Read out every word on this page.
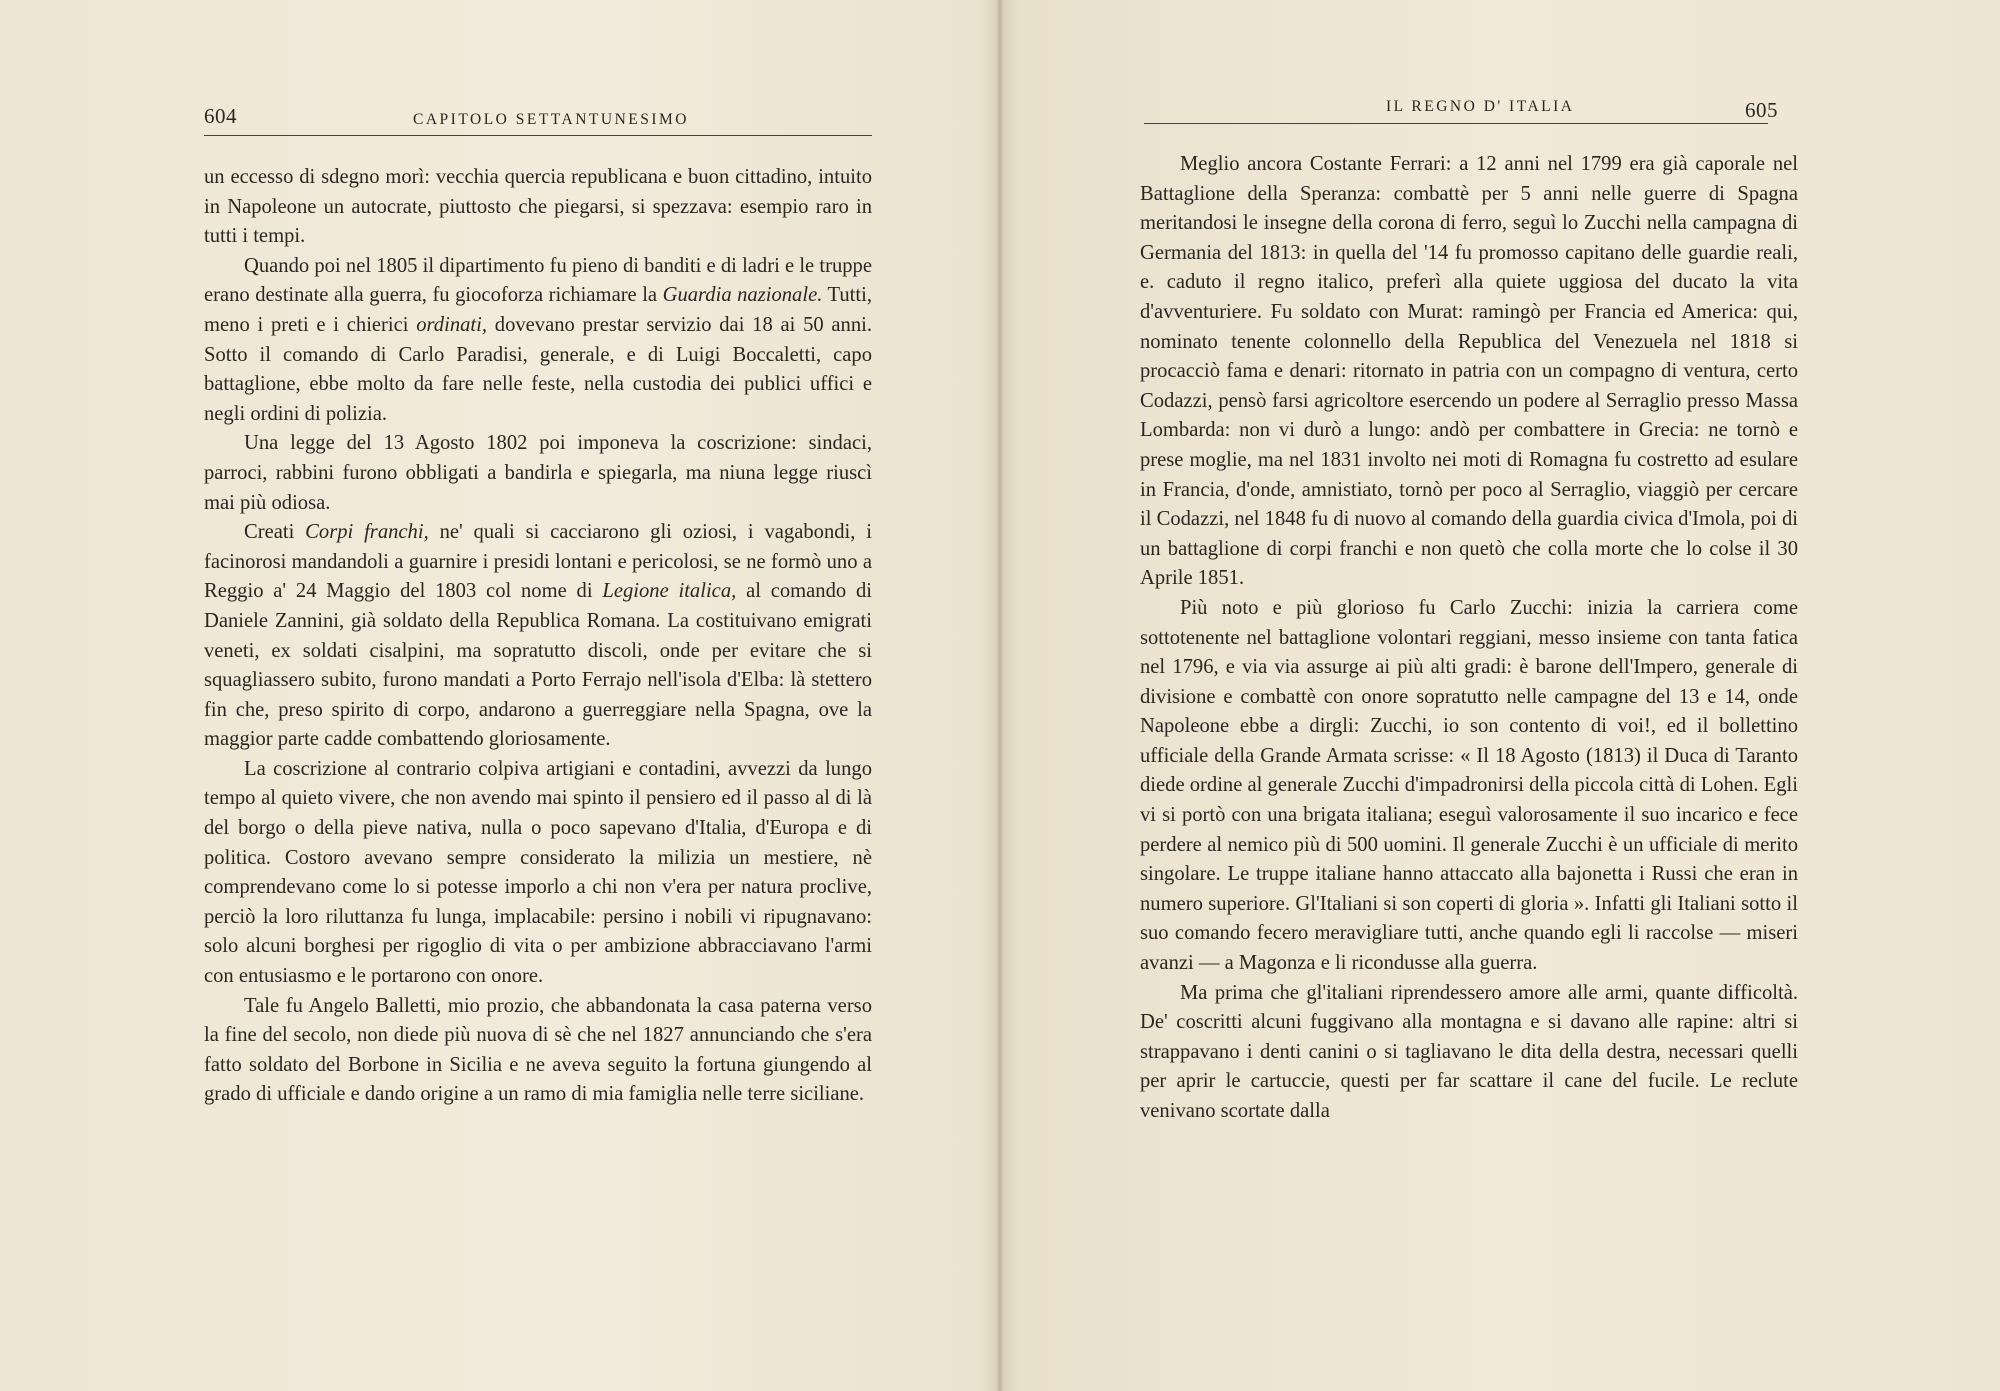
604	CAPITOLO SETTANTUNESIMO

un eccesso di sdegno morì: vecchia quercia republicana e buon cittadino, intuito in Napoleone un autocrate, piuttosto che piegarsi, si spezzava: esempio raro in tutti i tempi.

Quando poi nel 1805 il dipartimento fu pieno di banditi e di ladri e le truppe erano destinate alla guerra, fu giocoforza richiamare la Guardia nazionale. Tutti, meno i preti e i chierici ordinati, dovevano prestar servizio dai 18 ai 50 anni. Sotto il comando di Carlo Paradisi, generale, e di Luigi Boccaletti, capo battaglione, ebbe molto da fare nelle feste, nella custodia dei publici uffici e negli ordini di polizia.

Una legge del 13 Agosto 1802 poi imponeva la coscrizione: sindaci, parroci, rabbini furono obbligati a bandirla e spiegarla, ma niuna legge riuscì mai più odiosa.

Creati Corpi franchi, ne' quali si cacciarono gli oziosi, i vagabondi, i facinorosi mandandoli a guarnire i presidi lontani e pericolosi, se ne formò uno a Reggio a' 24 Maggio del 1803 col nome di Legione italica, al comando di Daniele Zannini, già soldato della Republica Romana. La costituivano emigrati veneti, ex soldati cisalpini, ma sopratutto discoli, onde per evitare che si squagliassero subito, furono mandati a Porto Ferrajo nell'isola d'Elba: là stettero fin che, preso spirito di corpo, andarono a guerreggiare nella Spagna, ove la maggior parte cadde combattendo gloriosamente.

La coscrizione al contrario colpiva artigiani e contadini, avvezzi da lungo tempo al quieto vivere, che non avendo mai spinto il pensiero ed il passo al di là del borgo o della pieve nativa, nulla o poco sapevano d'Italia, d'Europa e di politica. Costoro avevano sempre considerato la milizia un mestiere, nè comprendevano come lo si potesse imporlo a chi non v'era per natura proclive, perciò la loro riluttanza fu lunga, implacabile: persino i nobili vi ripugnavano: solo alcuni borghesi per rigoglio di vita o per ambizione abbracciavano l'armi con entusiasmo e le portarono con onore.

Tale fu Angelo Balletti, mio prozio, che abbandonata la casa paterna verso la fine del secolo, non diede più nuova di sè che nel 1827 annunciando che s'era fatto soldato del Borbone in Sicilia e ne aveva seguito la fortuna giungendo al grado di ufficiale e dando origine a un ramo di mia famiglia nelle terre siciliane.

IL REGNO D' ITALIA	605

Meglio ancora Costante Ferrari: a 12 anni nel 1799 era già caporale nel Battaglione della Speranza: combattè per 5 anni nelle guerre di Spagna meritandosi le insegne della corona di ferro, seguì lo Zucchi nella campagna di Germania del 1813: in quella del '14 fu promosso capitano delle guardie reali, e. caduto il regno italico, preferì alla quiete uggiosa del ducato la vita d'avventuriere. Fu soldato con Murat: ramingò per Francia ed America: qui, nominato tenente colonnello della Republica del Venezuela nel 1818 si procacciò fama e denari: ritornato in patria con un compagno di ventura, certo Codazzi, pensò farsi agricoltore esercendo un podere al Serraglio presso Massa Lombarda: non vi durò a lungo: andò per combattere in Grecia: ne tornò e prese moglie, ma nel 1831 involto nei moti di Romagna fu costretto ad esulare in Francia, d'onde, amnistiato, tornò per poco al Serraglio, viaggiò per cercare il Codazzi, nel 1848 fu di nuovo al comando della guardia civica d'Imola, poi di un battaglione di corpi franchi e non quetò che colla morte che lo colse il 30 Aprile 1851.

Più noto e più glorioso fu Carlo Zucchi: inizia la carriera come sottotenente nel battaglione volontari reggiani, messo insieme con tanta fatica nel 1796, e via via assurge ai più alti gradi: è barone dell'Impero, generale di divisione e combattè con onore sopratutto nelle campagne del 13 e 14, onde Napoleone ebbe a dirgli: Zucchi, io son contento di voi!, ed il bollettino ufficiale della Grande Armata scrisse: « Il 18 Agosto (1813) il Duca di Taranto diede ordine al generale Zucchi d'impadronirsi della piccola città di Lohen. Egli vi si portò con una brigata italiana; eseguì valorosamente il suo incarico e fece perdere al nemico più di 500 uomini. Il generale Zucchi è un ufficiale di merito singolare. Le truppe italiane hanno attaccato alla bajonetta i Russi che eran in numero superiore. Gl'Italiani si son coperti di gloria ». Infatti gli Italiani sotto il suo comando fecero meravigliare tutti, anche quando egli li raccolse — miseri avanzi — a Magonza e li ricondusse alla guerra.

Ma prima che gl'italiani riprendessero amore alle armi, quante difficoltà. De' coscritti alcuni fuggivano alla montagna e si davano alle rapine: altri si strappavano i denti canini o si tagliavano le dita della destra, necessari quelli per aprir le cartuccie, questi per far scattare il cane del fucile. Le reclute venivano scortate dalla
